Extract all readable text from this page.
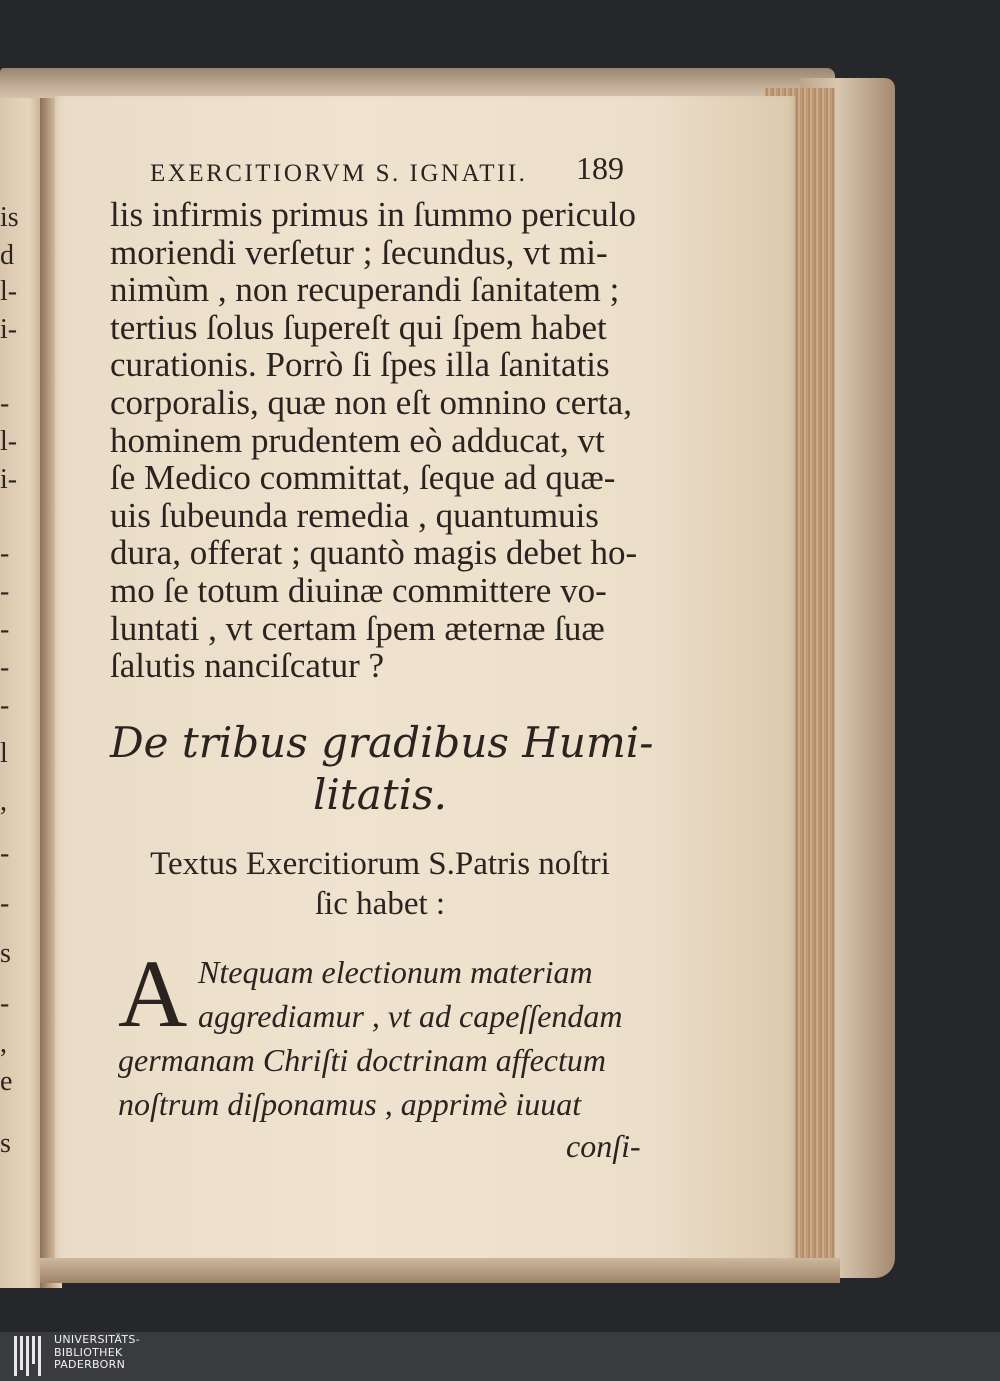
EXERCITIORVM S. IGNATII. 189
lis infirmis primus in ſummo periculo
moriendi verſetur ; ſecundus, vt mi-
nimùm , non recuperandi ſanitatem ;
tertius ſolus ſupereſt qui ſpem habet
curationis. Porrò ſi ſpes illa ſanitatis
corporalis, quæ non eſt omnino certa,
hominem prudentem eò adducat, vt
ſe Medico committat, ſeque ad quæ-
uis ſubeunda remedia , quantumuis
dura, offerat ; quantò magis debet ho-
mo ſe totum diuinæ committere vo-
luntati , vt certam ſpem æternæ ſuæ
ſalutis nanciſcatur ?
De tribus gradibus Humi-
litatis.
Textus Exercitiorum S.Patris noſtri
ſic habet :
A Ntequam electionum materiam
aggrediamur , vt ad capeſſendam
germanam Chriſti doctrinam affectum
noſtrum diſponamus , apprimè iuuat
conſi-
UNIVERSITÄTS-
BIBLIOTHEK
PADERBORN
